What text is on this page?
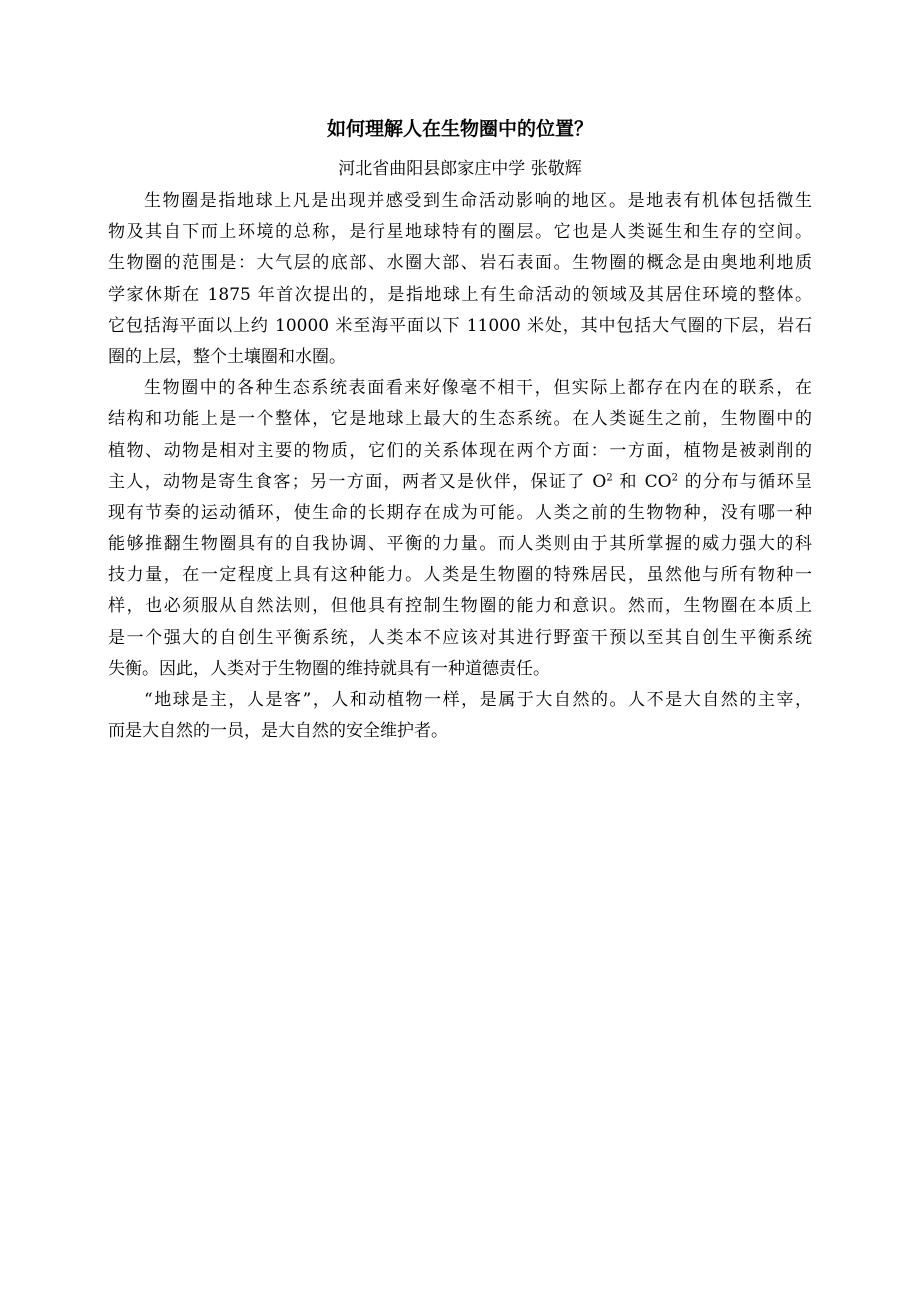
如何理解人在生物圈中的位置？
河北省曲阳县郎家庄中学 张敬辉
生物圈是指地球上凡是出现并感受到生命活动影响的地区。是地表有机体包括微生
物及其自下而上环境的总称，是行星地球特有的圈层。它也是人类诞生和生存的空间。
生物圈的范围是：大气层的底部、水圈大部、岩石表面。生物圈的概念是由奥地利地质
学家休斯在 1875 年首次提出的，是指地球上有生命活动的领域及其居住环境的整体。
它包括海平面以上约 10000 米至海平面以下 11000 米处，其中包括大气圈的下层，岩石
圈的上层，整个土壤圈和水圈。
生物圈中的各种生态系统表面看来好像毫不相干，但实际上都存在内在的联系，在
结构和功能上是一个整体，它是地球上最大的生态系统。在人类诞生之前，生物圈中的
植物、动物是相对主要的物质，它们的关系体现在两个方面：一方面，植物是被剥削的
主人，动物是寄生食客；另一方面，两者又是伙伴，保证了 $O^2$ 和 $CO^2$ 的分布与循环呈
现有节奏的运动循环，使生命的长期存在成为可能。人类之前的生物物种，没有哪一种
能够推翻生物圈具有的自我协调、平衡的力量。而人类则由于其所掌握的威力强大的科
技力量，在一定程度上具有这种能力。人类是生物圈的特殊居民，虽然他与所有物种一
样，也必须服从自然法则，但他具有控制生物圈的能力和意识。然而，生物圈在本质上
是一个强大的自创生平衡系统，人类本不应该对其进行野蛮干预以至其自创生平衡系统
失衡。因此，人类对于生物圈的维持就具有一种道德责任。
“地球是主，人是客”，人和动植物一样，是属于大自然的。人不是大自然的主宰，
而是大自然的一员，是大自然的安全维护者。
